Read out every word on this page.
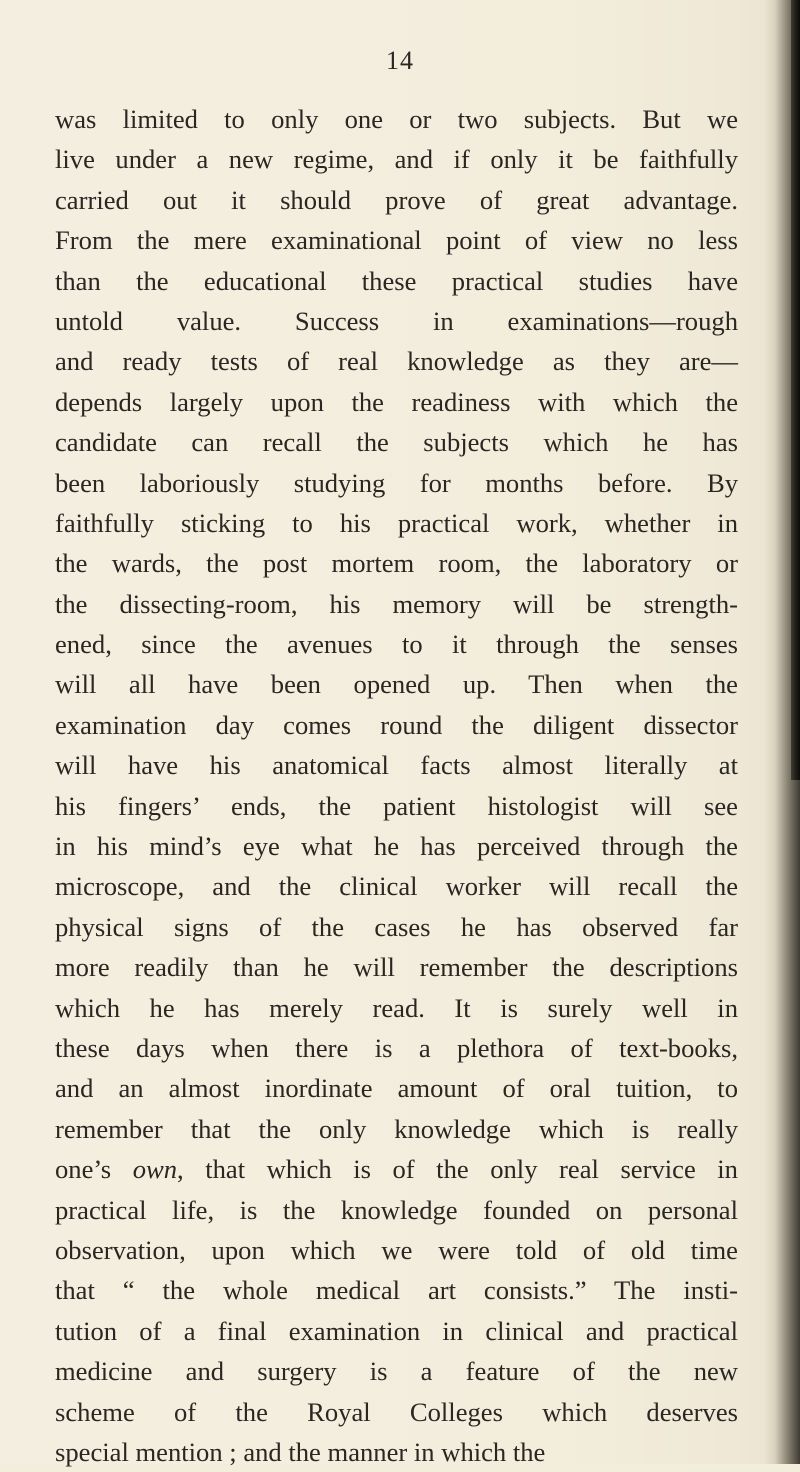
14
was limited to only one or two subjects. But we
live under a new regime, and if only it be faithfully
carried out it should prove of great advantage.
From the mere examinational point of view no less
than the educational these practical studies have
untold value. Success in examinations—rough
and ready tests of real knowledge as they are—
depends largely upon the readiness with which the
candidate can recall the subjects which he has
been laboriously studying for months before. By
faithfully sticking to his practical work, whether in
the wards, the post mortem room, the laboratory or
the dissecting-room, his memory will be strength-
ened, since the avenues to it through the senses
will all have been opened up. Then when the
examination day comes round the diligent dissector
will have his anatomical facts almost literally at
his fingers’ ends, the patient histologist will see
in his mind’s eye what he has perceived through the
microscope, and the clinical worker will recall the
physical signs of the cases he has observed far
more readily than he will remember the descriptions
which he has merely read. It is surely well in
these days when there is a plethora of text-books,
and an almost inordinate amount of oral tuition, to
remember that the only knowledge which is really
one’s own, that which is of the only real service in
practical life, is the knowledge founded on personal
observation, upon which we were told of old time
that “ the whole medical art consists.” The insti-
tution of a final examination in clinical and practical
medicine and surgery is a feature of the new
scheme of the Royal Colleges which deserves
special mention ; and the manner in which the
